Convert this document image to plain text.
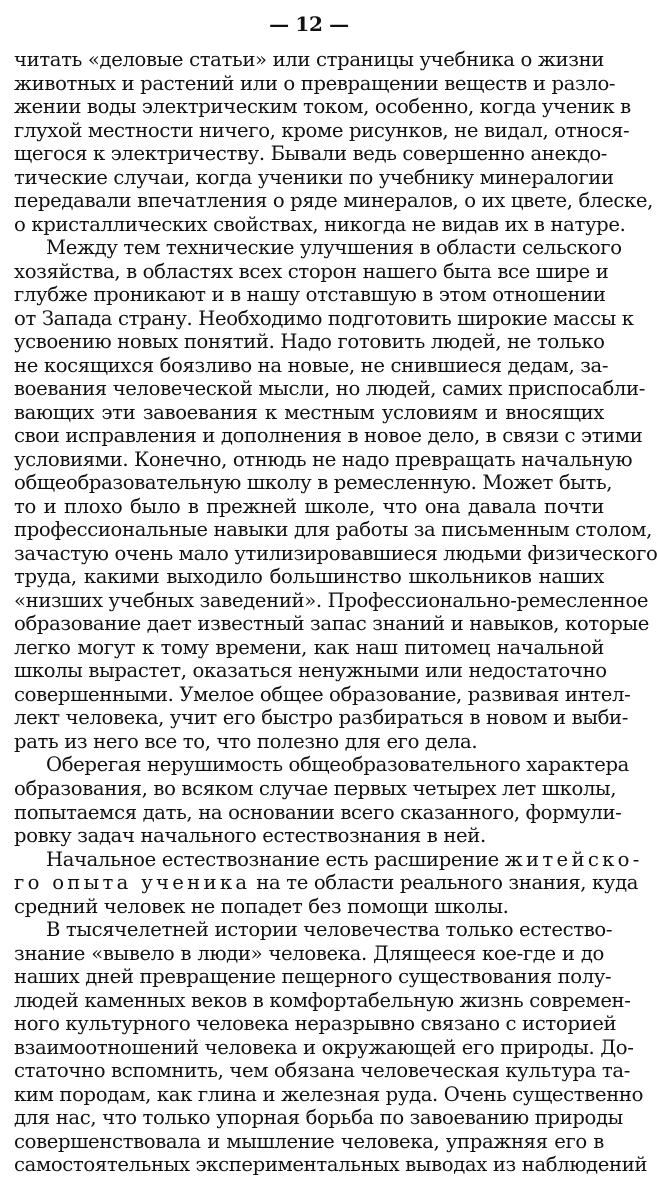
— 12 —
читать «деловые статьи» или страницы учебника о жизни
животных и растений или о превращении веществ и разло-
жении воды электрическим током, особенно, когда ученик в
глухой местности ничего, кроме рисунков, не видал, относя-
щегося к электричеству. Бывали ведь совершенно анекдо-
тические случаи, когда ученики по учебнику минералогии
передавали впечатления о ряде минералов, о их цвете, блеске,
о кристаллических свойствах, никогда не видав их в натуре.
Между тем технические улучшения в области сельского
хозяйства, в областях всех сторон нашего быта все шире и
глубже проникают и в нашу отставшую в этом отношении
от Запада страну. Необходимо подготовить широкие массы к
усвоению новых понятий. Надо готовить людей, не только
не косящихся боязливо на новые, не снившиеся дедам, за-
воевания человеческой мысли, но людей, самих приспосабли-
вающих эти завоевания к местным условиям и вносящих
свои исправления и дополнения в новое дело, в связи с этими
условиями. Конечно, отнюдь не надо превращать начальную
общеобразовательную школу в ремесленную. Может быть,
то и плохо было в прежней школе, что она давала почти
профессиональные навыки для работы за письменным столом,
зачастую очень мало утилизировавшиеся людьми физического
труда, какими выходило большинство школьников наших
«низших учебных заведений». Профессионально-ремесленное
образование дает известный запас знаний и навыков, которые
легко могут к тому времени, как наш питомец начальной
школы вырастет, оказаться ненужными или недостаточно
совершенными. Умелое общее образование, развивая интел-
лект человека, учит его быстро разбираться в новом и выби-
рать из него все то, что полезно для его дела.
Оберегая нерушимость общеобразовательного характера
образования, во всяком случае первых четырех лет школы,
попытаемся дать, на основании всего сказанного, формули-
ровку задач начального естествознания в ней.
Начальное естествознание есть расширение житейско-
го опыта ученика на те области реального знания, куда
средний человек не попадет без помощи школы.
В тысячелетней истории человечества только естество-
знание «вывело в люди» человека. Длящееся кое-где и до
наших дней превращение пещерного существования полу-
людей каменных веков в комфортабельную жизнь современ-
ного культурного человека неразрывно связано с историей
взаимоотношений человека и окружающей его природы. До-
статочно вспомнить, чем обязана человеческая культура та-
ким породам, как глина и железная руда. Очень существенно
для нас, что только упорная борьба по завоеванию природы
совершенствовала и мышление человека, упражняя его в
самостоятельных экспериментальных выводах из наблюдений
